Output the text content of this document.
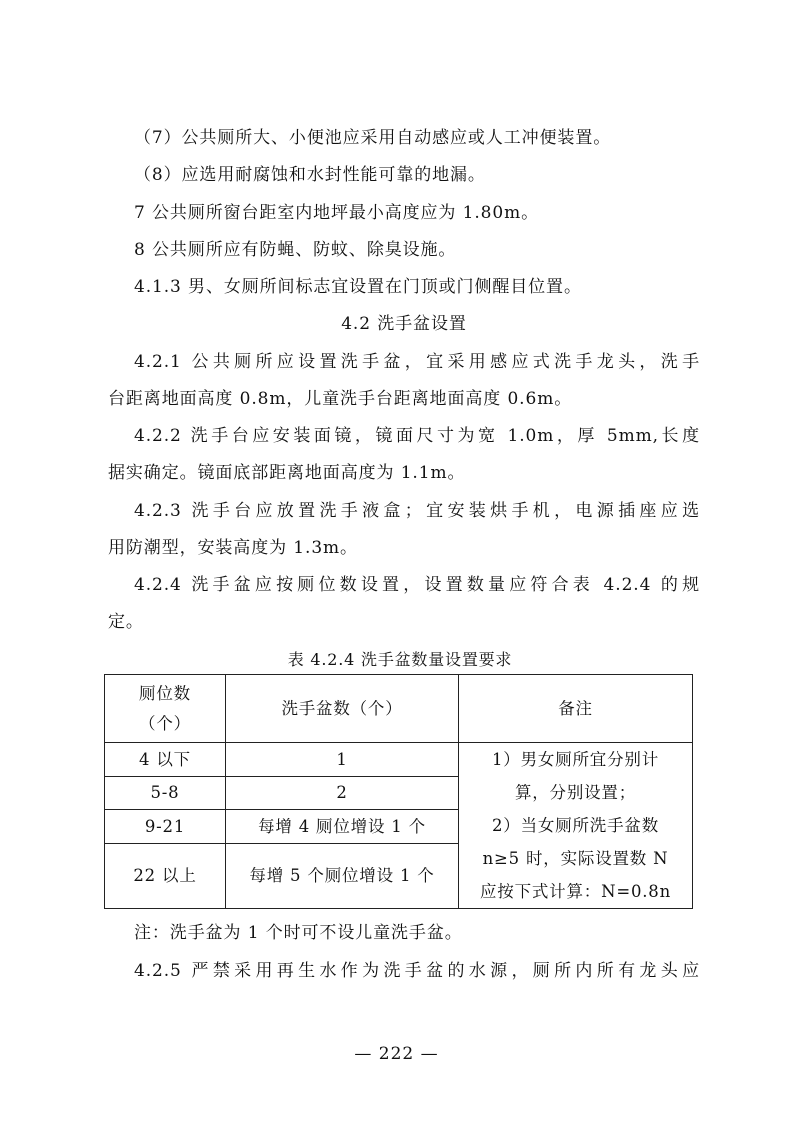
（7）公共厕所大、小便池应采用自动感应或人工冲便装置。
（8）应选用耐腐蚀和水封性能可靠的地漏。
7 公共厕所窗台距室内地坪最小高度应为 1.80m。
8 公共厕所应有防蝇、防蚊、除臭设施。
4.1.3 男、女厕所间标志宜设置在门顶或门侧醒目位置。
4.2 洗手盆设置
4.2.1 公共厕所应设置洗手盆，宜采用感应式洗手龙头，洗手
台距离地面高度 0.8m，儿童洗手台距离地面高度 0.6m。
4.2.2 洗手台应安装面镜，镜面尺寸为宽 1.0m，厚 5mm,长度
据实确定。镜面底部距离地面高度为 1.1m。
4.2.3 洗手台应放置洗手液盒；宜安装烘手机，电源插座应选
用防潮型，安装高度为 1.3m。
4.2.4 洗手盆应按厕位数设置，设置数量应符合表 4.2.4 的规
定。
表 4.2.4 洗手盆数量设置要求
厕位数（个）	洗手盆数（个）	备注
4 以下	1	1）男女厕所宜分别计
算，分别设置；
2）当女厕所洗手盆数
n≥5 时，实际设置数 N
应按下式计算：N=0.8n

5-8	2	
9-21	每增 4 厕位增设 1 个	
22 以上	每增 5 个厕位增设 1 个	
注：洗手盆为 1 个时可不设儿童洗手盆。
4.2.5 严禁采用再生水作为洗手盆的水源，厕所内所有龙头应
— 222 —
